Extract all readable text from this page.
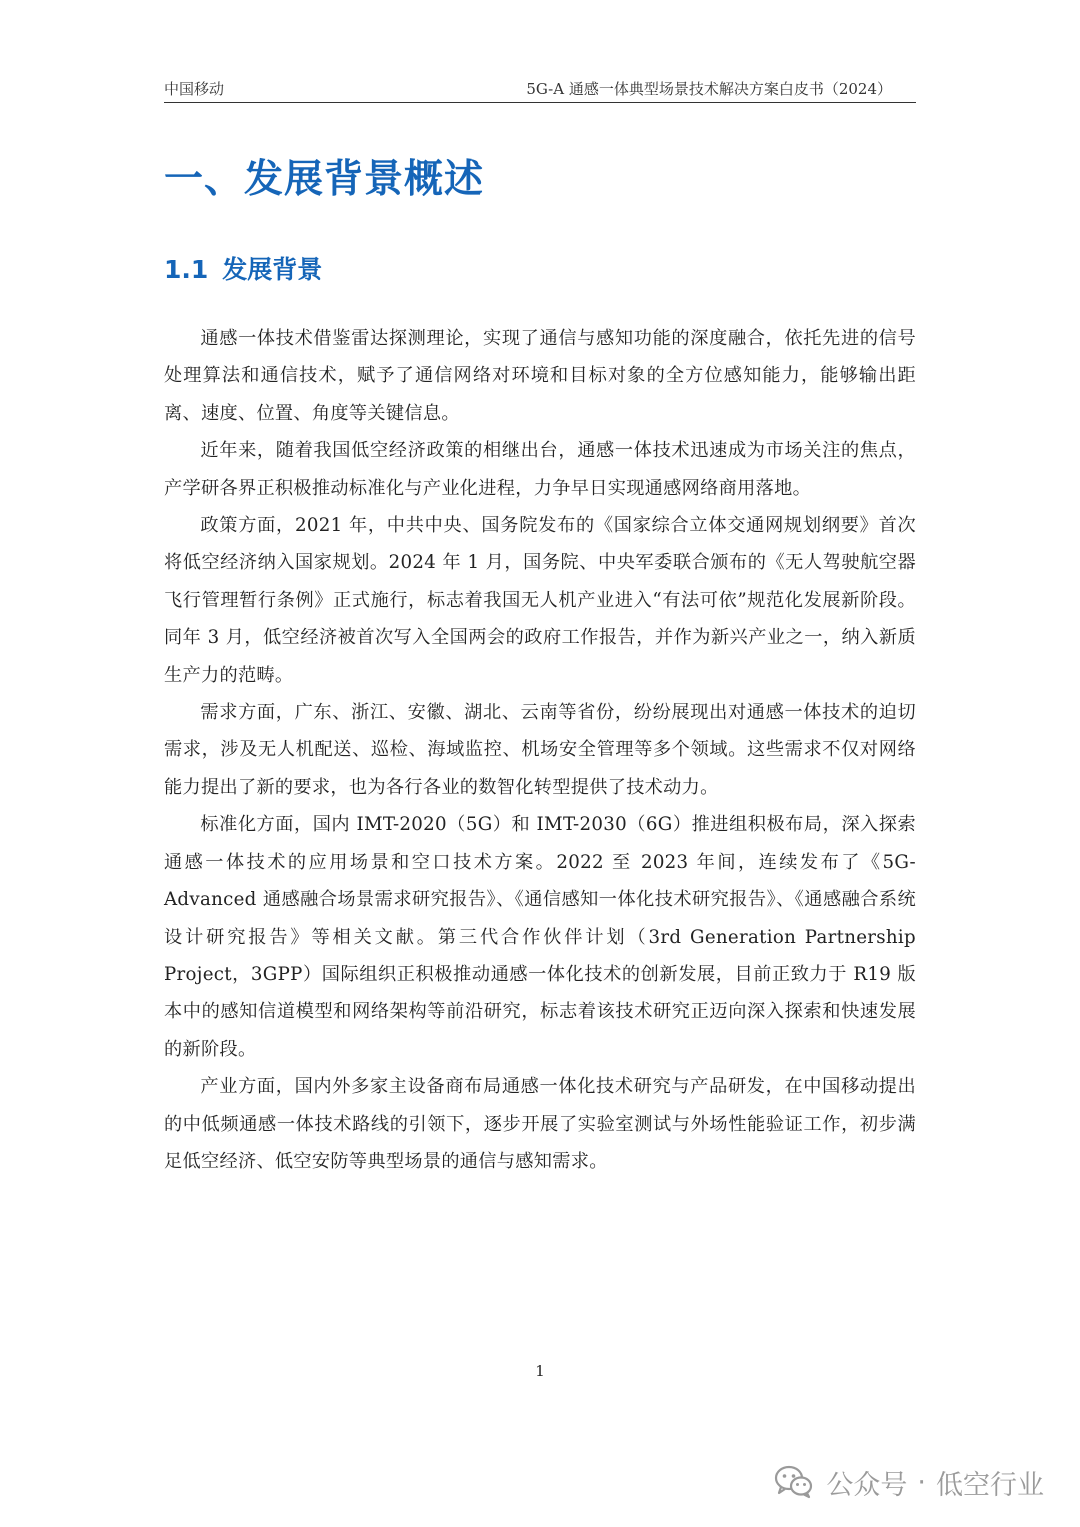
中国移动	5G-A 通感一体典型场景技术解决方案白皮书（2024）
一、发展背景概述
1.1 发展背景

通感一体技术借鉴雷达探测理论，实现了通信与感知功能的深度融合，依托先进的信号处理算法和通信技术，赋予了通信网络对环境和目标对象的全方位感知能力，能够输出距离、速度、位置、角度等关键信息。

近年来，随着我国低空经济政策的相继出台，通感一体技术迅速成为市场关注的焦点，产学研各界正积极推动标准化与产业化进程，力争早日实现通感网络商用落地。

政策方面，2021 年，中共中央、国务院发布的《国家综合立体交通网规划纲要》首次将低空经济纳入国家规划。2024 年 1 月，国务院、中央军委联合颁布的《无人驾驶航空器飞行管理暂行条例》正式施行，标志着我国无人机产业进入“有法可依”规范化发展新阶段。同年 3 月，低空经济被首次写入全国两会的政府工作报告，并作为新兴产业之一，纳入新质生产力的范畴。

需求方面，广东、浙江、安徽、湖北、云南等省份，纷纷展现出对通感一体技术的迫切需求，涉及无人机配送、巡检、海域监控、机场安全管理等多个领域。这些需求不仅对网络能力提出了新的要求，也为各行各业的数智化转型提供了技术动力。

标准化方面，国内 IMT-2020（5G）和 IMT-2030（6G）推进组积极布局，深入探索通感一体技术的应用场景和空口技术方案。2022 至 2023 年间，连续发布了《5G-Advanced 通感融合场景需求研究报告》、《通信感知一体化技术研究报告》、《通感融合系统设计研究报告》等相关文献。第三代合作伙伴计划（3rd Generation Partnership Project，3GPP）国际组织正积极推动通感一体化技术的创新发展，目前正致力于 R19 版本中的感知信道模型和网络架构等前沿研究，标志着该技术研究正迈向深入探索和快速发展的新阶段。

产业方面，国内外多家主设备商布局通感一体化技术研究与产品研发，在中国移动提出的中低频通感一体技术路线的引领下，逐步开展了实验室测试与外场性能验证工作，初步满足低空经济、低空安防等典型场景的通信与感知需求。

1
公众号 · 低空行业
